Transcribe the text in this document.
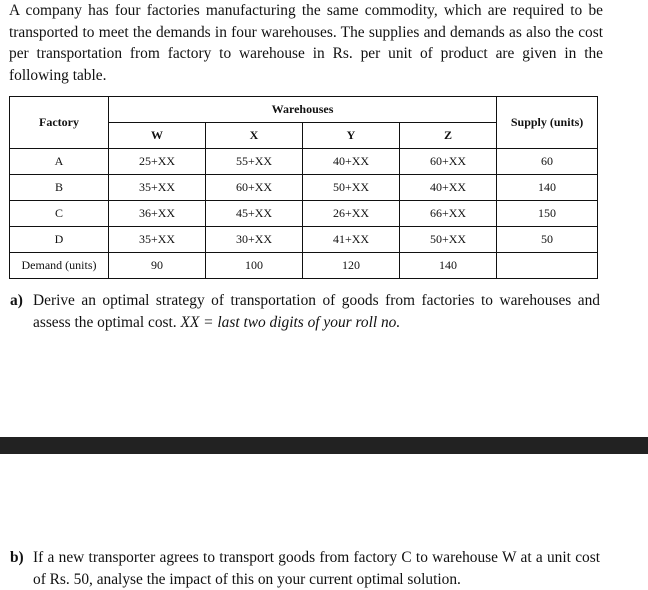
A company has four factories manufacturing the same commodity, which are required to be transported to meet the demands in four warehouses. The supplies and demands as also the cost per transportation from factory to warehouse in Rs. per unit of product are given in the following table.
Factory	Warehouses				Supply (units)
	W	X	Y	Z	
A	25+XX	55+XX	40+XX	60+XX	60
B	35+XX	60+XX	50+XX	40+XX	140
C	36+XX	45+XX	26+XX	66+XX	150
D	35+XX	30+XX	41+XX	50+XX	50
Demand (units)	90	100	120	140	
a) Derive an optimal strategy of transportation of goods from factories to warehouses and assess the optimal cost. XX = last two digits of your roll no.
b) If a new transporter agrees to transport goods from factory C to warehouse W at a unit cost of Rs. 50, analyse the impact of this on your current optimal solution.
